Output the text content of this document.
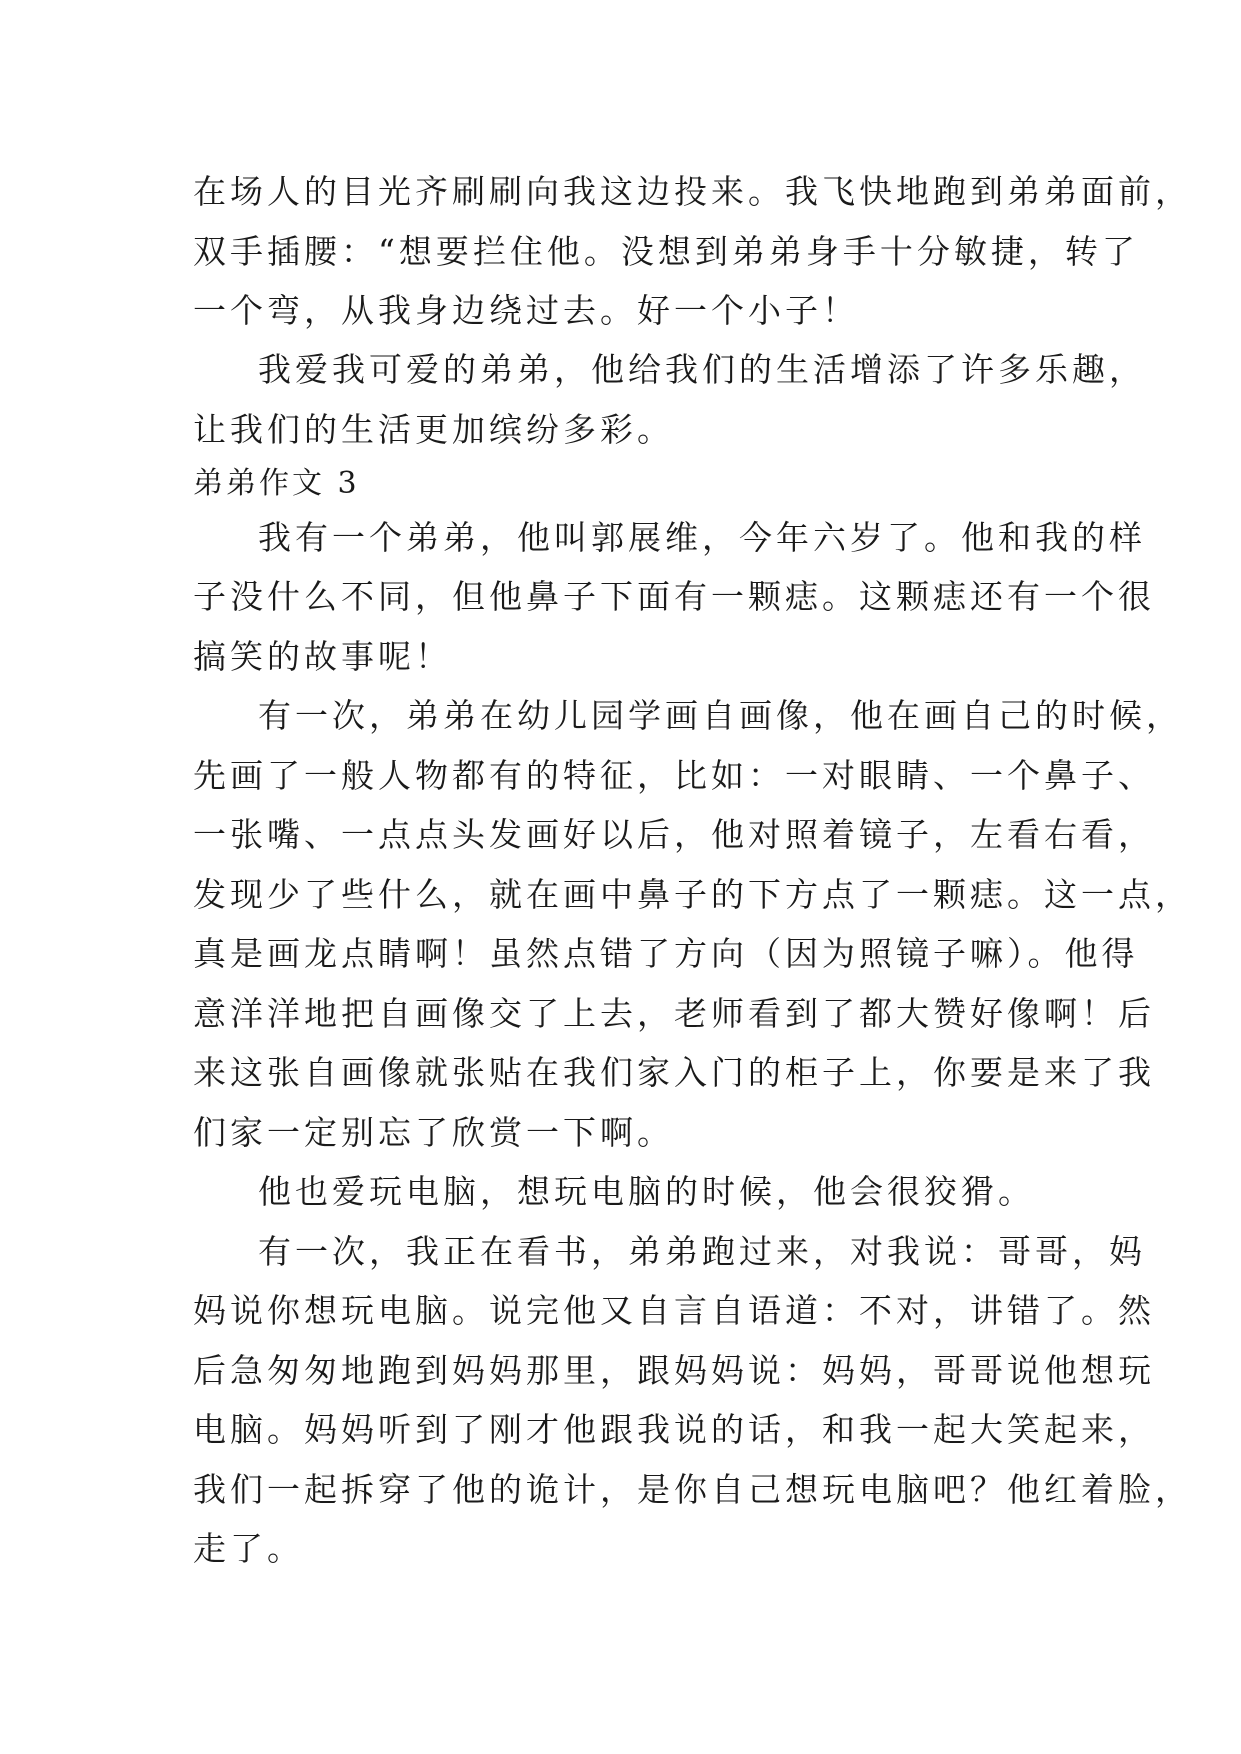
在场人的目光齐刷刷向我这边投来。我飞快地跑到弟弟面前，
双手插腰：“想要拦住他。没想到弟弟身手十分敏捷，转了
一个弯，从我身边绕过去。好一个小子！
我爱我可爱的弟弟，他给我们的生活增添了许多乐趣，
让我们的生活更加缤纷多彩。
弟弟作文 3
我有一个弟弟，他叫郭展维，今年六岁了。他和我的样
子没什么不同，但他鼻子下面有一颗痣。这颗痣还有一个很
搞笑的故事呢！
有一次，弟弟在幼儿园学画自画像，他在画自己的时候，
先画了一般人物都有的特征，比如：一对眼睛、一个鼻子、
一张嘴、一点点头发画好以后，他对照着镜子，左看右看，
发现少了些什么，就在画中鼻子的下方点了一颗痣。这一点，
真是画龙点睛啊！虽然点错了方向（因为照镜子嘛）。他得
意洋洋地把自画像交了上去，老师看到了都大赞好像啊！后
来这张自画像就张贴在我们家入门的柜子上，你要是来了我
们家一定别忘了欣赏一下啊。
他也爱玩电脑，想玩电脑的时候，他会很狡猾。
有一次，我正在看书，弟弟跑过来，对我说：哥哥，妈
妈说你想玩电脑。说完他又自言自语道：不对，讲错了。然
后急匆匆地跑到妈妈那里，跟妈妈说：妈妈，哥哥说他想玩
电脑。妈妈听到了刚才他跟我说的话，和我一起大笑起来，
我们一起拆穿了他的诡计，是你自己想玩电脑吧？他红着脸，
走了。
